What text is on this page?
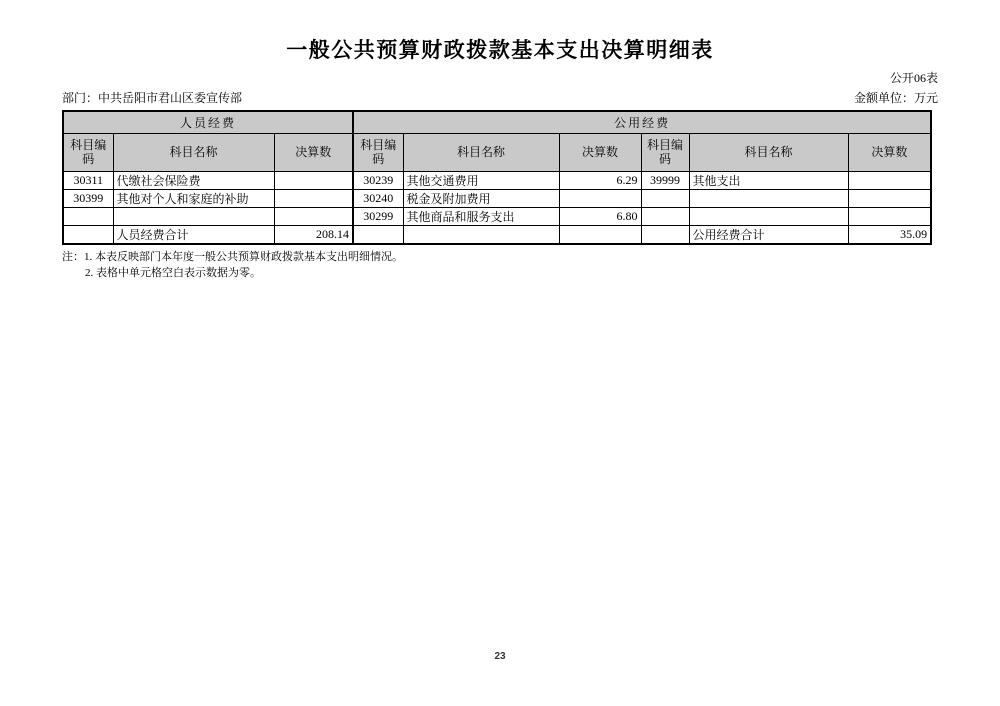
一般公共预算财政拨款基本支出决算明细表
公开06表
部门：中共岳阳市君山区委宣传部	金额单位：万元
人员经费			公用经费					
科目编码	科目名称	决算数	科目编码	科目名称	决算数	科目编码	科目名称	决算数
30311	代缴社会保险费		30239	其他交通费用	6.29	39999	其他支出	
30399	其他对个人和家庭的补助		30240	税金及附加费用				
			30299	其他商品和服务支出	6.80			
	人员经费合计	208.14					公用经费合计	35.09
注：1. 本表反映部门本年度一般公共预算财政拨款基本支出明细情况。
2. 表格中单元格空白表示数据为零。
23
